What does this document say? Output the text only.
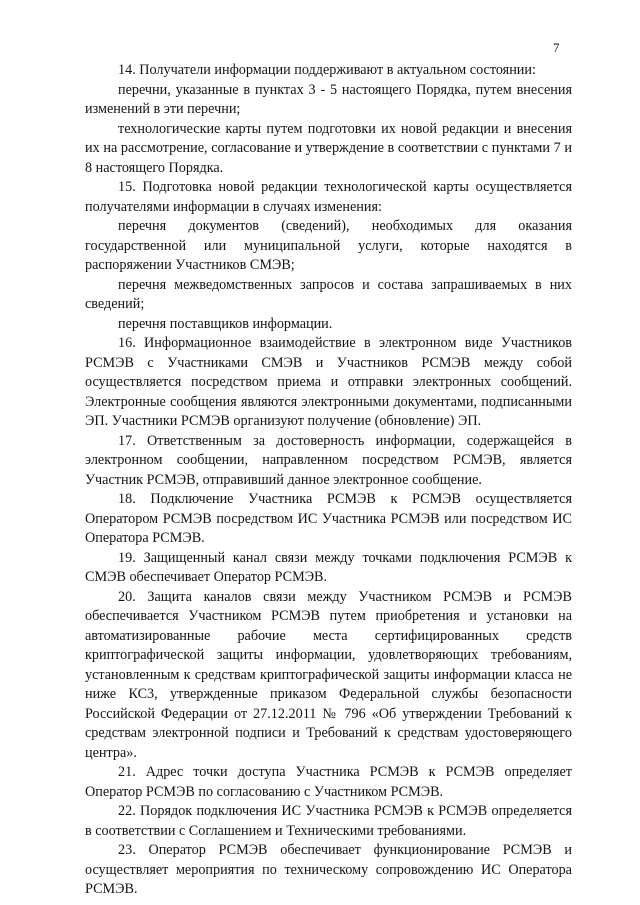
7

14. Получатели информации поддерживают в актуальном состоянии:

перечни, указанные в пунктах 3 - 5 настоящего Порядка, путем внесения изменений в эти перечни;

технологические карты путем подготовки их новой редакции и внесения их на рассмотрение, согласование и утверждение в соответствии с пунктами 7 и 8 настоящего Порядка.

15. Подготовка новой редакции технологической карты осуществляется получателями информации в случаях изменения:

перечня документов (сведений), необходимых для оказания государственной или муниципальной услуги, которые находятся в распоряжении Участников СМЭВ;

перечня межведомственных запросов и состава запрашиваемых в них сведений;

перечня поставщиков информации.

16. Информационное взаимодействие в электронном виде Участников РСМЭВ с Участниками СМЭВ и Участников РСМЭВ между собой осуществляется посредством приема и отправки электронных сообщений. Электронные сообщения являются электронными документами, подписанными ЭП. Участники РСМЭВ организуют получение (обновление) ЭП.

17. Ответственным за достоверность информации, содержащейся в электронном сообщении, направленном посредством РСМЭВ, является Участник РСМЭВ, отправивший данное электронное сообщение.

18. Подключение Участника РСМЭВ к РСМЭВ осуществляется Оператором РСМЭВ посредством ИС Участника РСМЭВ или посредством ИС Оператора РСМЭВ.

19. Защищенный канал связи между точками подключения РСМЭВ к СМЭВ обеспечивает Оператор РСМЭВ.

20. Защита каналов связи между Участником РСМЭВ и РСМЭВ обеспечивается Участником РСМЭВ путем приобретения и установки на автоматизированные рабочие места сертифицированных средств криптографической защиты информации, удовлетворяющих требованиям, установленным к средствам криптографической защиты информации класса не ниже КС3, утвержденные приказом Федеральной службы безопасности Российской Федерации от 27.12.2011 № 796 «Об утверждении Требований к средствам электронной подписи и Требований к средствам удостоверяющего центра».

21. Адрес точки доступа Участника РСМЭВ к РСМЭВ определяет Оператор РСМЭВ по согласованию с Участником РСМЭВ.

22. Порядок подключения ИС Участника РСМЭВ к РСМЭВ определяется в соответствии с Соглашением и Техническими требованиями.

23. Оператор РСМЭВ обеспечивает функционирование РСМЭВ и осуществляет мероприятия по техническому сопровождению ИС Оператора РСМЭВ.
